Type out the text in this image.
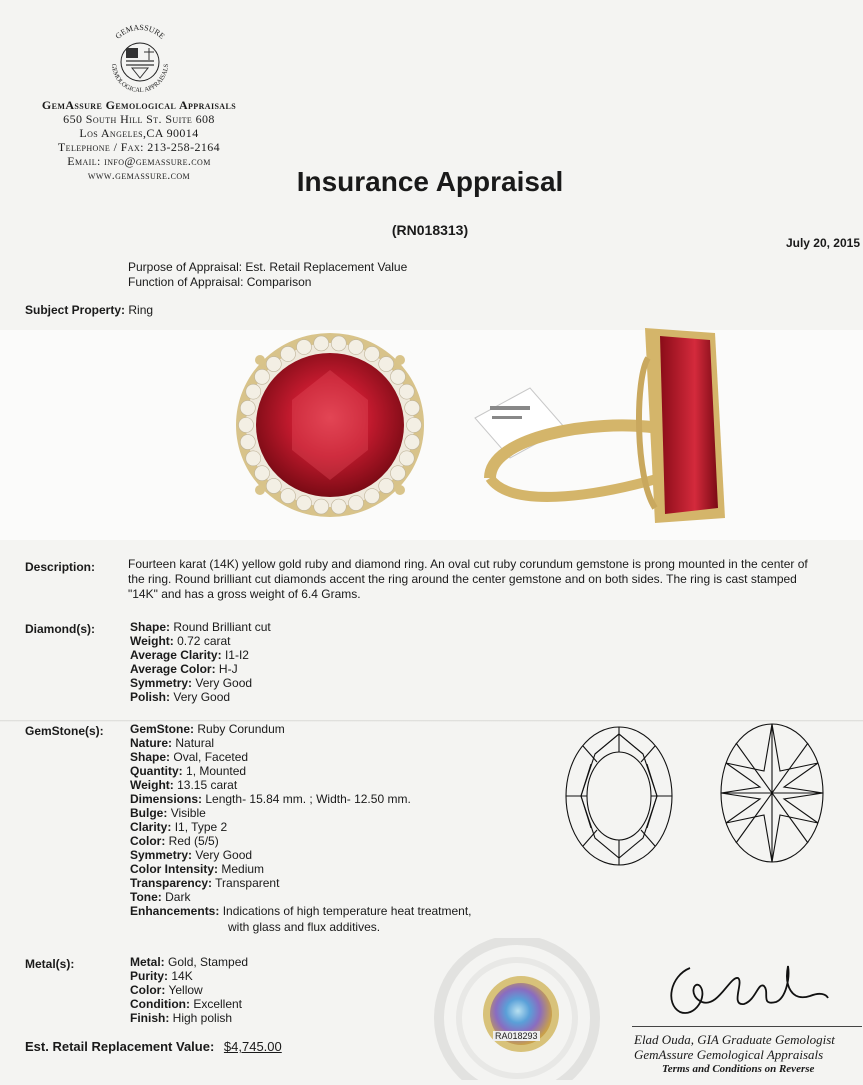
GEMASSURE
GEMOLOGICAL APPRAISALS
GemAssure Gemological Appraisals
650 South Hill St. Suite 608
Los Angeles,CA 90014
Telephone / Fax: 213-258-2164
Email: info@gemassure.com
www.gemassure.com	Insurance Appraisal
(RN018313)
July 20, 2015
Purpose of Appraisal: Est. Retail Replacement Value
Function of Appraisal: Comparison
Subject Property: Ring
Description:	Fourteen karat (14K) yellow gold ruby and diamond ring. An oval cut ruby corundum gemstone is prong mounted in the center of
the ring. Round brilliant cut diamonds accent the ring around the center gemstone and on both sides. The ring is cast stamped
"14K" and has a gross weight of 6.4 Grams.
Diamond(s):	Shape: Round Brilliant cut
Weight: 0.72 carat
Average Clarity: I1-I2
Average Color: H-J
Symmetry: Very Good
Polish: Very Good
GemStone(s): GemStone: Ruby Corundum
Nature: Natural
Shape: Oval, Faceted
Quantity: 1, Mounted
Weight: 13.15 carat
Dimensions: Length- 15.84 mm. ; Width- 12.50 mm.
Bulge: Visible
Clarity: I1, Type 2
Color: Red (5/5)
Symmetry: Very Good
Color Intensity: Medium
Transparency: Transparent
Tone: Dark
Enhancements: Indications of high temperature heat treatment,
with glass and flux additives.
Metal(s):	Metal: Gold, Stamped
Purity: 14K
Color: Yellow
Condition: Excellent
Finish: High polish
Est. Retail Replacement Value: $4,745.00
RA018293	Elad Ouda, GIA Graduate Gemologist
GemAssure Gemological Appraisals
Terms and Conditions on Reverse
